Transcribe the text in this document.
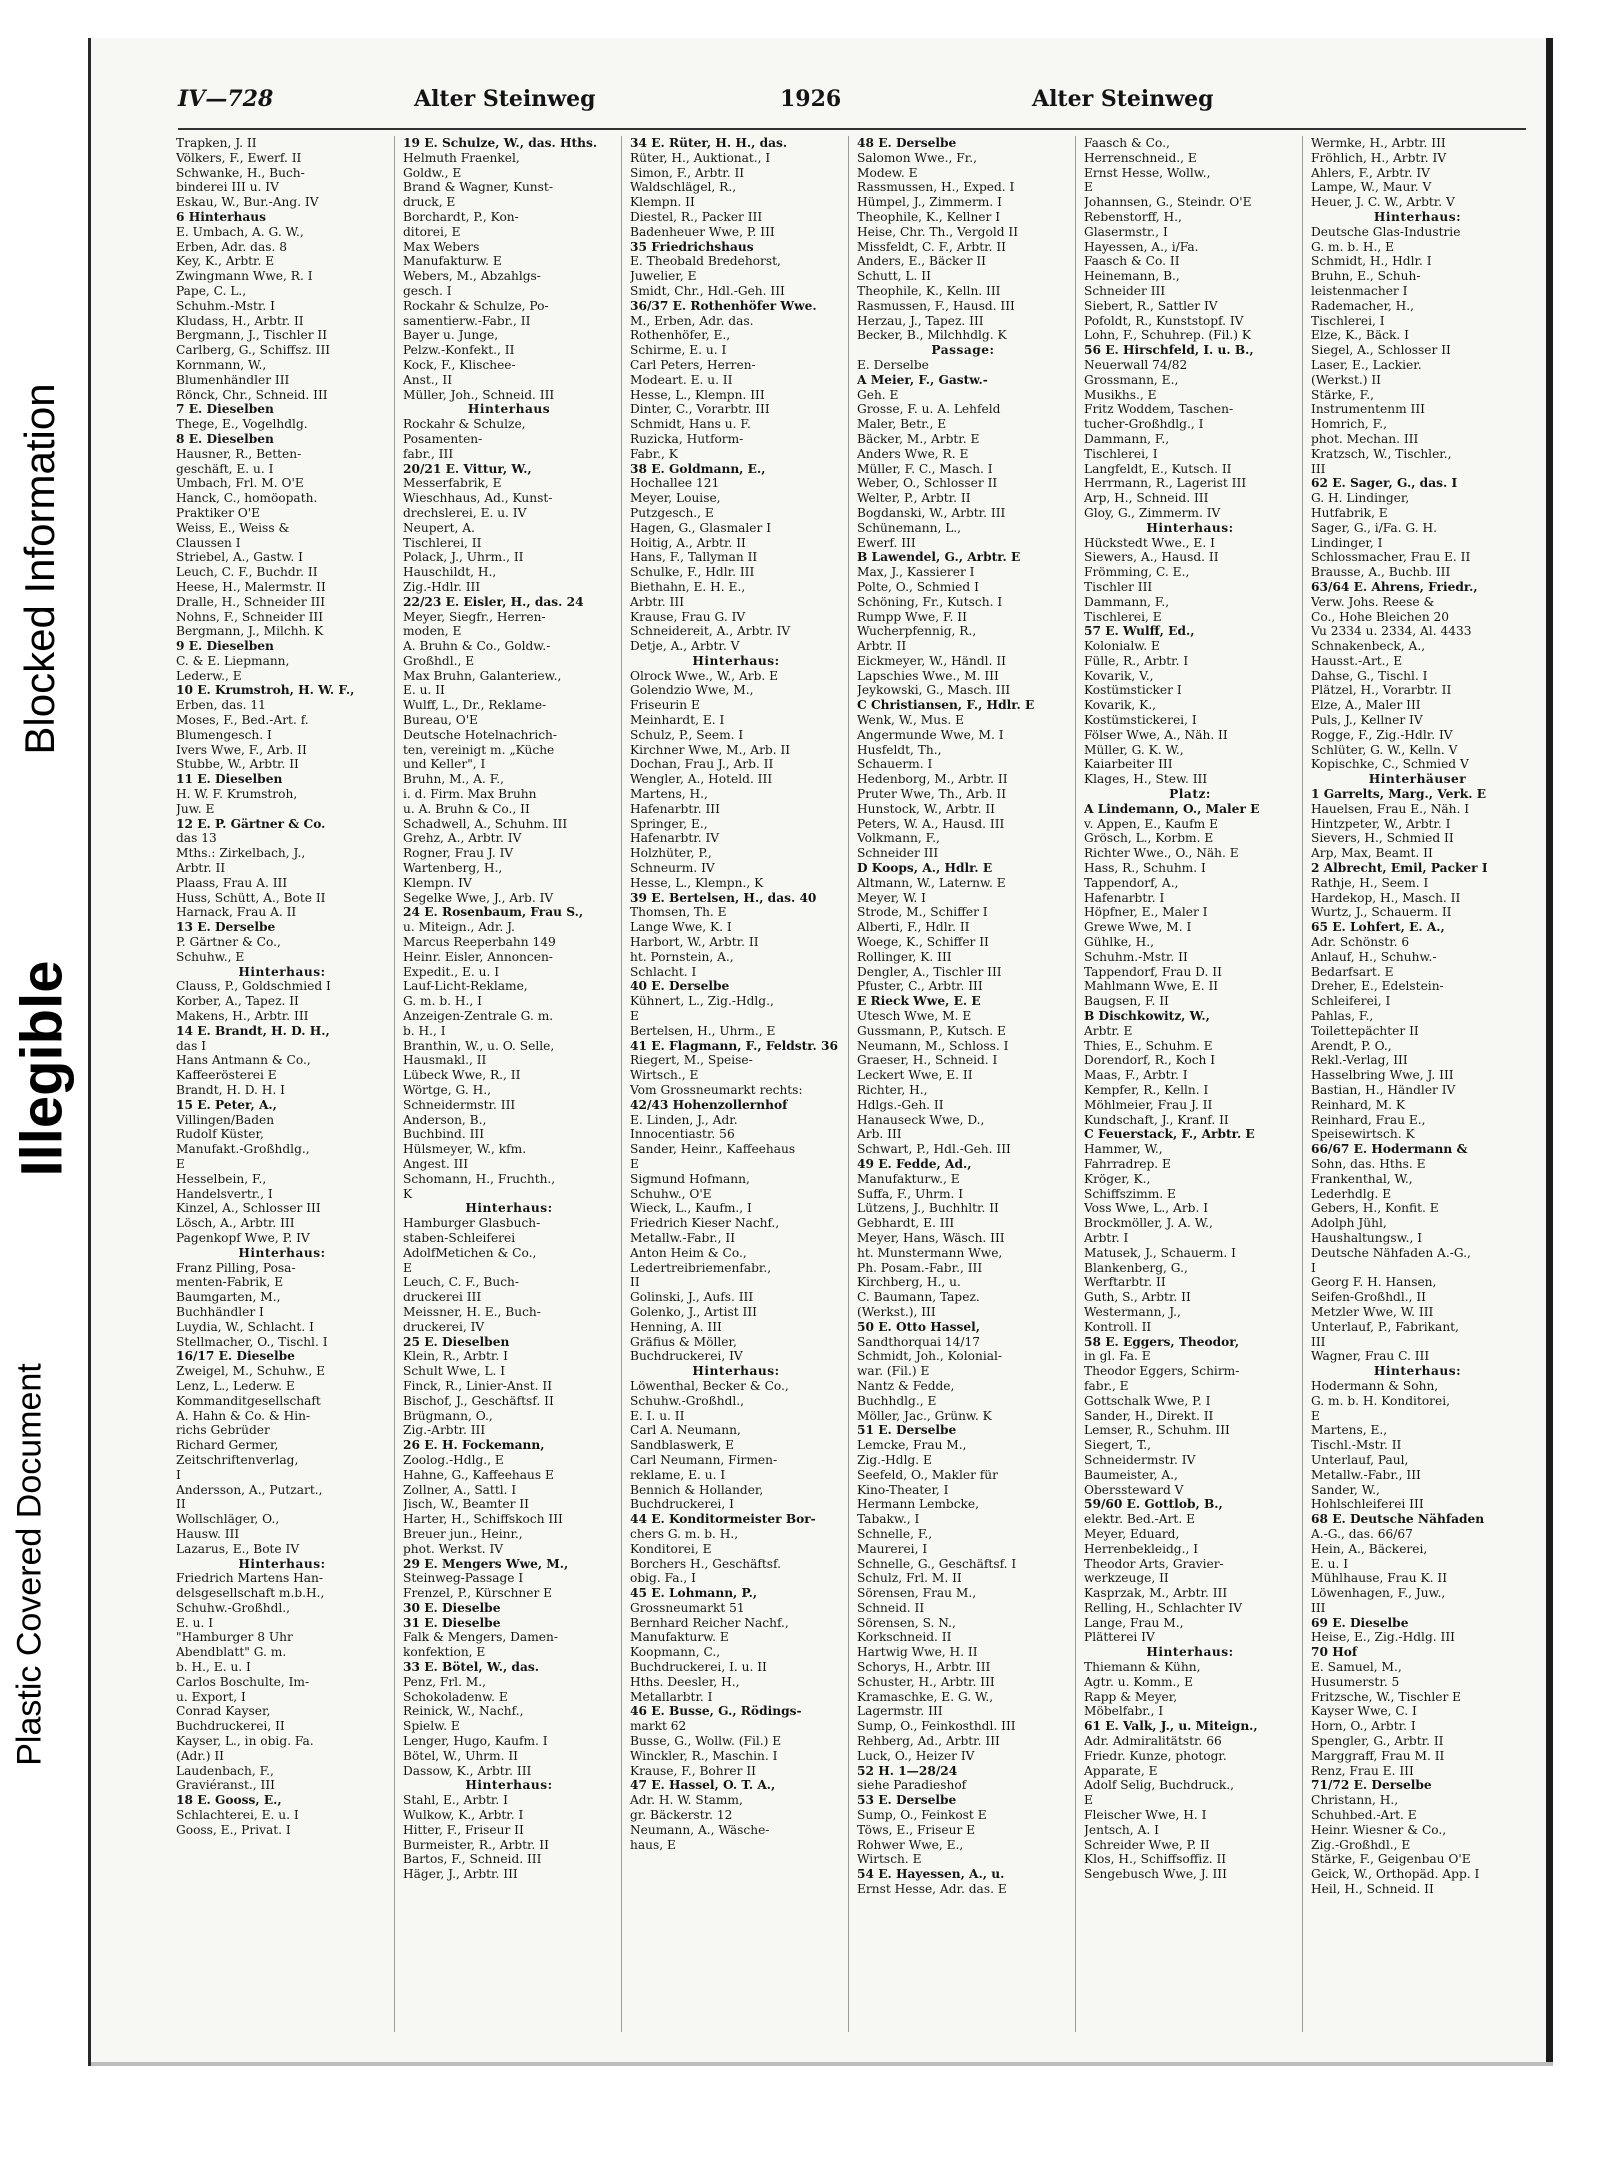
Blocked Information
Illegible
Plastic Covered Document
IV—728	Alter Steinweg	1926	Alter Steinweg
Trapken, J. II
Völkers, F., Ewerf. II
Schwanke, H., Buch-
binderei III u. IV
Eskau, W., Bur.-Ang. IV
6 Hinterhaus
E. Umbach, A. G. W.,
Erben, Adr. das. 8
Key, K., Arbtr. E
Zwingmann Wwe, R. I
Pape, C. L.,
Schuhm.-Mstr. I
Kludass, H., Arbtr. II
Bergmann, J., Tischler II
Carlberg, G., Schiffsz. III
Kornmann, W.,
Blumenhändler III
Rönck, Chr., Schneid. III
7 E. Dieselben
Thege, E., Vogelhdlg.
8 E. Dieselben
Hausner, R., Betten-
geschäft, E. u. I
Umbach, Frl. M. O'E
Hanck, C., homöopath.
Praktiker O'E
Weiss, E., Weiss &
Claussen I
Striebel, A., Gastw. I
Leuch, C. F., Buchdr. II
Heese, H., Malermstr. II
Dralle, H., Schneider III
Nohns, F., Schneider III
Bergmann, J., Milchh. K
9 E. Dieselben
C. & E. Liepmann,
Lederw., E
10 E. Krumstroh, H. W. F.,
Erben, das. 11
Moses, F., Bed.-Art. f.
Blumengesch. I
Ivers Wwe, F., Arb. II
Stubbe, W., Arbtr. II
11 E. Dieselben
H. W. F. Krumstroh,
Juw. E
12 E. P. Gärtner & Co.
das 13
Mths.: Zirkelbach, J.,
Arbtr. II
Plaass, Frau A. III
Huss, Schütt, A., Bote II
Harnack, Frau A. II
13 E. Derselbe
P. Gärtner & Co.,
Schuhw., E
Hinterhaus:
Clauss, P., Goldschmied I
Korber, A., Tapez. II
Makens, H., Arbtr. III
14 E. Brandt, H. D. H.,
das I
Hans Antmann & Co.,
Kaffeerösterei E
Brandt, H. D. H. I
15 E. Peter, A.,
Villingen/Baden
Rudolf Küster,
Manufakt.-Großhdlg.,
E
Hesselbein, F.,
Handelsvertr., I
Kinzel, A., Schlosser III
Lösch, A., Arbtr. III
Pagenkopf Wwe, P. IV
Hinterhaus:
Franz Pilling, Posa-
menten-Fabrik, E
Baumgarten, M.,
Buchhändler I
Luydia, W., Schlacht. I
Stellmacher, O., Tischl. I
16/17 E. Dieselbe
Zweigel, M., Schuhw., E
Lenz, L., Lederw. E
Kommanditgesellschaft
A. Hahn & Co. & Hin-
richs Gebrüder
Richard Germer,
Zeitschriftenverlag,
I
Andersson, A., Putzart.,
II
Wollschläger, O.,
Hausw. III
Lazarus, E., Bote IV
Hinterhaus:
Friedrich Martens Han-
delsgesellschaft m.b.H.,
Schuhw.-Großhdl.,
E. u. I
"Hamburger 8 Uhr
Abendblatt" G. m.
b. H., E. u. I
Carlos Boschulte, Im-
u. Export, I
Conrad Kayser,
Buchdruckerei, II
Kayser, L., in obig. Fa.
(Adr.) II
Laudenbach, F.,
Graviéranst., III
18 E. Gooss, E.,
Schlachterei, E. u. I
Gooss, E., Privat. I
19 E. Schulze, W., das. Hths.
Helmuth Fraenkel,
Goldw., E
Brand & Wagner, Kunst-
druck, E
Borchardt, P., Kon-
ditorei, E
Max Webers
Manufakturw. E
Webers, M., Abzahlgs-
gesch. I
Rockahr & Schulze, Po-
samentierw.-Fabr., II
Bayer u. Junge,
Pelzw.-Konfekt., II
Kock, F., Klischee-
Anst., II
Müller, Joh., Schneid. III
Hinterhaus
Rockahr & Schulze,
Posamenten-
fabr., III
20/21 E. Vittur, W.,
Messerfabrik, E
Wieschhaus, Ad., Kunst-
drechslerei, E. u. IV
Neupert, A.
Tischlerei, II
Polack, J., Uhrm., II
Hauschildt, H.,
Zig.-Hdlr. III
22/23 E. Eisler, H., das. 24
Meyer, Siegfr., Herren-
moden, E
A. Bruhn & Co., Goldw.-
Großhdl., E
Max Bruhn, Galanteriew.,
E. u. II
Wulff, L., Dr., Reklame-
Bureau, O'E
Deutsche Hotelnachrich-
ten, vereinigt m. „Küche
und Keller", I
Bruhn, M., A. F.,
i. d. Firm. Max Bruhn
u. A. Bruhn & Co., II
Schadwell, A., Schuhm. III
Grehz, A., Arbtr. IV
Rogner, Frau J. IV
Wartenberg, H.,
Klempn. IV
Segelke Wwe, J., Arb. IV
24 E. Rosenbaum, Frau S.,
u. Miteign., Adr. J.
Marcus Reeperbahn 149
Heinr. Eisler, Annoncen-
Expedit., E. u. I
Lauf-Licht-Reklame,
G. m. b. H., I
Anzeigen-Zentrale G. m.
b. H., I
Branthin, W., u. O. Selle,
Hausmakl., II
Lübeck Wwe, R., II
Wörtge, G. H.,
Schneidermstr. III
Anderson, B.,
Buchbind. III
Hülsmeyer, W., kfm.
Angest. III
Schomann, H., Fruchth.,
K
Hinterhaus:
Hamburger Glasbuch-
staben-Schleiferei
AdolfMetichen & Co.,
E
Leuch, C. F., Buch-
druckerei III
Meissner, H. E., Buch-
druckerei, IV
25 E. Dieselben
Klein, R., Arbtr. I
Schult Wwe, L. I
Finck, R., Linier-Anst. II
Bischof, J., Geschäftsf. II
Brügmann, O.,
Zig.-Arbtr. III
26 E. H. Fockemann,
Zoolog.-Hdlg., E
Hahne, G., Kaffeehaus E
Zollner, A., Sattl. I
Jisch, W., Beamter II
Harter, H., Schiffskoch III
Breuer jun., Heinr.,
phot. Werkst. IV
29 E. Mengers Wwe, M.,
Steinweg-Passage I
Frenzel, P., Kürschner E
30 E. Dieselbe
31 E. Dieselbe
Falk & Mengers, Damen-
konfektion, E
33 E. Bötel, W., das.
Penz, Frl. M.,
Schokoladenw. E
Reinick, W., Nachf.,
Spielw. E
Lenger, Hugo, Kaufm. I
Bötel, W., Uhrm. II
Dassow, K., Arbtr. III
Hinterhaus:
Stahl, E., Arbtr. I
Wulkow, K., Arbtr. I
Hitter, F., Friseur II
Burmeister, R., Arbtr. II
Bartos, F., Schneid. III
Häger, J., Arbtr. III
34 E. Rüter, H. H., das.
Rüter, H., Auktionat., I
Simon, F., Arbtr. II
Waldschlägel, R.,
Klempn. II
Diestel, R., Packer III
Badenheuer Wwe, P. III
35 Friedrichshaus
E. Theobald Bredehorst,
Juwelier, E
Smidt, Chr., Hdl.-Geh. III
36/37 E. Rothenhöfer Wwe.
M., Erben, Adr. das.
Rothenhöfer, E.,
Schirme, E. u. I
Carl Peters, Herren-
Modeart. E. u. II
Hesse, L., Klempn. III
Dinter, C., Vorarbtr. III
Schmidt, Hans u. F.
Ruzicka, Hutform-
Fabr., K
38 E. Goldmann, E.,
Hochallee 121
Meyer, Louise,
Putzgesch., E
Hagen, G., Glasmaler I
Hoitig, A., Arbtr. II
Hans, F., Tallyman II
Schulke, F., Hdlr. III
Biethahn, E. H. E.,
Arbtr. III
Krause, Frau G. IV
Schneidereit, A., Arbtr. IV
Detje, A., Arbtr. V
Hinterhaus:
Olrock Wwe., W., Arb. E
Golendzio Wwe, M.,
Friseurin E
Meinhardt, E. I
Schulz, P., Seem. I
Kirchner Wwe, M., Arb. II
Dochan, Frau J., Arb. II
Wengler, A., Hoteld. III
Martens, H.,
Hafenarbtr. III
Springer, E.,
Hafenarbtr. IV
Holzhüter, P.,
Schneurm. IV
Hesse, L., Klempn., K
39 E. Bertelsen, H., das. 40
Thomsen, Th. E
Lange Wwe, K. I
Harbort, W., Arbtr. II
ht. Pornstein, A.,
Schlacht. I
40 E. Derselbe
Kühnert, L., Zig.-Hdlg.,
E
Bertelsen, H., Uhrm., E
41 E. Flagmann, F., Feldstr. 36
Riegert, M., Speise-
Wirtsch., E
Vom Grossneumarkt rechts:
42/43 Hohenzollernhof
E. Linden, J., Adr.
Innocentiastr. 56
Sander, Heinr., Kaffeehaus
E
Sigmund Hofmann,
Schuhw., O'E
Wieck, L., Kaufm., I
Friedrich Kieser Nachf.,
Metallw.-Fabr., II
Anton Heim & Co.,
Ledertreibriemenfabr.,
II
Golinski, J., Aufs. III
Golenko, J., Artist III
Henning, A. III
Gräfius & Möller,
Buchdruckerei, IV
Hinterhaus:
Löwenthal, Becker & Co.,
Schuhw.-Großhdl.,
E. I. u. II
Carl A. Neumann,
Sandblaswerk, E
Carl Neumann, Firmen-
reklame, E. u. I
Bennich & Hollander,
Buchdruckerei, I
44 E. Konditormeister Bor-
chers G. m. b. H.,
Konditorei, E
Borchers H., Geschäftsf.
obig. Fa., I
45 E. Lohmann, P.,
Grossneumarkt 51
Bernhard Reicher Nachf.,
Manufakturw. E
Koopmann, C.,
Buchdruckerei, I. u. II
Hths. Deesler, H.,
Metallarbtr. I
46 E. Busse, G., Rödings-
markt 62
Busse, G., Wollw. (Fil.) E
Winckler, R., Maschin. I
Krause, F., Bohrer II
47 E. Hassel, O. T. A.,
Adr. H. W. Stamm,
gr. Bäckerstr. 12
Neumann, A., Wäsche-
haus, E
48 E. Derselbe
Salomon Wwe., Fr.,
Modew. E
Rassmussen, H., Exped. I
Hümpel, J., Zimmerm. I
Theophile, K., Kellner I
Heise, Chr. Th., Vergold II
Missfeldt, C. F., Arbtr. II
Anders, E., Bäcker II
Schutt, L. II
Theophile, K., Kelln. III
Rasmussen, F., Hausd. III
Herzau, J., Tapez. III
Becker, B., Milchhdlg. K
Passage:
E. Derselbe
A Meier, F., Gastw.-
Geh. E
Grosse, F. u. A. Lehfeld
Maler, Betr., E
Bäcker, M., Arbtr. E
Anders Wwe, R. E
Müller, F. C., Masch. I
Weber, O., Schlosser II
Welter, P., Arbtr. II
Bogdanski, W., Arbtr. III
Schünemann, L.,
Ewerf. III
B Lawendel, G., Arbtr. E
Max, J., Kassierer I
Polte, O., Schmied I
Schöning, Fr., Kutsch. I
Rumpp Wwe, F. II
Wucherpfennig, R.,
Arbtr. II
Eickmeyer, W., Händl. II
Lapschies Wwe., M. III
Jeykowski, G., Masch. III
C Christiansen, F., Hdlr. E
Wenk, W., Mus. E
Angermunde Wwe, M. I
Husfeldt, Th.,
Schauerm. I
Hedenborg, M., Arbtr. II
Pruter Wwe, Th., Arb. II
Hunstock, W., Arbtr. II
Peters, W. A., Hausd. III
Volkmann, F.,
Schneider III
D Koops, A., Hdlr. E
Altmann, W., Laternw. E
Meyer, W. I
Strode, M., Schiffer I
Alberti, F., Hdlr. II
Woege, K., Schiffer II
Rollinger, K. III
Dengler, A., Tischler III
Pfuster, C., Arbtr. III
E Rieck Wwe, E. E
Utesch Wwe, M. E
Gussmann, P., Kutsch. E
Neumann, M., Schloss. I
Graeser, H., Schneid. I
Leckert Wwe, E. II
Richter, H.,
Hdlgs.-Geh. II
Hanauseck Wwe, D.,
Arb. III
Schwart, P., Hdl.-Geh. III
49 E. Fedde, Ad.,
Manufakturw., E
Suffa, F., Uhrm. I
Lützens, J., Buchhltr. II
Gebhardt, E. III
Meyer, Hans, Wäsch. III
ht. Munstermann Wwe,
Ph. Posam.-Fabr., III
Kirchberg, H., u.
C. Baumann, Tapez.
(Werkst.), III
50 E. Otto Hassel,
Sandthorquai 14/17
Schmidt, Joh., Kolonial-
war. (Fil.) E
Nantz & Fedde,
Buchhdlg., E
Möller, Jac., Grünw. K
51 E. Derselbe
Lemcke, Frau M.,
Zig.-Hdlg. E
Seefeld, O., Makler für
Kino-Theater, I
Hermann Lembcke,
Tabakw., I
Schnelle, F.,
Maurerei, I
Schnelle, G., Geschäftsf. I
Schulz, Frl. M. II
Sörensen, Frau M.,
Schneid. II
Sörensen, S. N.,
Korkschneid. II
Hartwig Wwe, H. II
Schorys, H., Arbtr. III
Schuster, H., Arbtr. III
Kramaschke, E. G. W.,
Lagermstr. III
Sump, O., Feinkosthdl. III
Rehberg, Ad., Arbtr. III
Luck, O., Heizer IV
52 H. 1—28/24
siehe Paradieshof
53 E. Derselbe
Sump, O., Feinkost E
Töws, E., Friseur E
Rohwer Wwe, E.,
Wirtsch. E
54 E. Hayessen, A., u.
Ernst Hesse, Adr. das. E
Faasch & Co.,
Herrenschneid., E
Ernst Hesse, Wollw.,
E
Johannsen, G., Steindr. O'E
Rebenstorff, H.,
Glasermstr., I
Hayessen, A., i/Fa.
Faasch & Co. II
Heinemann, B.,
Schneider III
Siebert, R., Sattler IV
Pofoldt, R., Kunststopf. IV
Lohn, F., Schuhrep. (Fil.) K
56 E. Hirschfeld, I. u. B.,
Neuerwall 74/82
Grossmann, E.,
Musikhs., E
Fritz Woddem, Taschen-
tucher-Großhdlg., I
Dammann, F.,
Tischlerei, I
Langfeldt, E., Kutsch. II
Herrmann, R., Lagerist III
Arp, H., Schneid. III
Gloy, G., Zimmerm. IV
Hinterhaus:
Hückstedt Wwe., E. I
Siewers, A., Hausd. II
Frömming, C. E.,
Tischler III
Dammann, F.,
Tischlerei, E
57 E. Wulff, Ed.,
Kolonialw. E
Fülle, R., Arbtr. I
Kovarik, V.,
Kostümsticker I
Kovarik, K.,
Kostümstickerei, I
Fölser Wwe, A., Näh. II
Müller, G. K. W.,
Kaiarbeiter III
Klages, H., Stew. III
Platz:
A Lindemann, O., Maler E
v. Appen, E., Kaufm E
Grösch, L., Korbm. E
Richter Wwe., O., Näh. E
Hass, R., Schuhm. I
Tappendorf, A.,
Hafenarbtr. I
Höpfner, E., Maler I
Grewe Wwe, M. I
Gühlke, H.,
Schuhm.-Mstr. II
Tappendorf, Frau D. II
Mahlmann Wwe, E. II
Baugsen, F. II
B Dischkowitz, W.,
Arbtr. E
Thies, E., Schuhm. E
Dorendorf, R., Koch I
Maas, F., Arbtr. I
Kempfer, R., Kelln. I
Möhlmeier, Frau J. II
Kundschaft, J., Kranf. II
C Feuerstack, F., Arbtr. E
Hammer, W.,
Fahrradrep. E
Kröger, K.,
Schiffszimm. E
Voss Wwe, L., Arb. I
Brockmöller, J. A. W.,
Arbtr. I
Matusek, J., Schauerm. I
Blankenberg, G.,
Werftarbtr. II
Guth, S., Arbtr. II
Westermann, J.,
Kontroll. II
58 E. Eggers, Theodor,
in gl. Fa. E
Theodor Eggers, Schirm-
fabr., E
Gottschalk Wwe, P. I
Sander, H., Direkt. II
Lemser, R., Schuhm. III
Siegert, T.,
Schneidermstr. IV
Baumeister, A.,
Oberssteward V
59/60 E. Gottlob, B.,
elektr. Bed.-Art. E
Meyer, Eduard,
Herrenbekleidg., I
Theodor Arts, Gravier-
werkzeuge, II
Kasprzak, M., Arbtr. III
Relling, H., Schlachter IV
Lange, Frau M.,
Plätterei IV
Hinterhaus:
Thiemann & Kühn,
Agtr. u. Komm., E
Rapp & Meyer,
Möbelfabr., I
61 E. Valk, J., u. Miteign.,
Adr. Admiralitätstr. 66
Friedr. Kunze, photogr.
Apparate, E
Adolf Selig, Buchdruck.,
E
Fleischer Wwe, H. I
Jentsch, A. I
Schreider Wwe, P. II
Klos, H., Schiffsoffiz. II
Sengebusch Wwe, J. III
Wermke, H., Arbtr. III
Fröhlich, H., Arbtr. IV
Ahlers, F., Arbtr. IV
Lampe, W., Maur. V
Heuer, J. C. W., Arbtr. V
Hinterhaus:
Deutsche Glas-Industrie
G. m. b. H., E
Schmidt, H., Hdlr. I
Bruhn, E., Schuh-
leistenmacher I
Rademacher, H.,
Tischlerei, I
Elze, K., Bäck. I
Siegel, A., Schlosser II
Laser, E., Lackier.
(Werkst.) II
Stärke, F.,
Instrumentenm III
Homrich, F.,
phot. Mechan. III
Kratzsch, W., Tischler.,
III
62 E. Sager, G., das. I
G. H. Lindinger,
Hutfabrik, E
Sager, G., i/Fa. G. H.
Lindinger, I
Schlossmacher, Frau E. II
Brausse, A., Buchb. III
63/64 E. Ahrens, Friedr.,
Verw. Johs. Reese &
Co., Hohe Bleichen 20
Vu 2334 u. 2334, Al. 4433
Schnakenbeck, A.,
Hausst.-Art., E
Dahse, G., Tischl. I
Plätzel, H., Vorarbtr. II
Elze, A., Maler III
Puls, J., Kellner IV
Rogge, F., Zig.-Hdlr. IV
Schlüter, G. W., Kelln. V
Kopischke, C., Schmied V
Hinterhäuser
1 Garrelts, Marg., Verk. E
Hauelsen, Frau E., Näh. I
Hintzpeter, W., Arbtr. I
Sievers, H., Schmied II
Arp, Max, Beamt. II
2 Albrecht, Emil, Packer I
Rathje, H., Seem. I
Hardekop, H., Masch. II
Wurtz, J., Schauerm. II
65 E. Lohfert, E. A.,
Adr. Schönstr. 6
Anlauf, H., Schuhw.-
Bedarfsart. E
Dreher, E., Edelstein-
Schleiferei, I
Pahlas, F.,
Toilettepächter II
Arendt, P. O.,
Rekl.-Verlag, III
Hasselbring Wwe, J. III
Bastian, H., Händler IV
Reinhard, M. K
Reinhard, Frau E.,
Speisewirtsch. K
66/67 E. Hodermann &
Sohn, das. Hths. E
Frankenthal, W.,
Lederhdlg. E
Gebers, H., Konfit. E
Adolph Jühl,
Haushaltungsw., I
Deutsche Nähfaden A.-G.,
I
Georg F. H. Hansen,
Seifen-Großhdl., II
Metzler Wwe, W. III
Unterlauf, P., Fabrikant,
III
Wagner, Frau C. III
Hinterhaus:
Hodermann & Sohn,
G. m. b. H. Konditorei,
E
Martens, E.,
Tischl.-Mstr. II
Unterlauf, Paul,
Metallw.-Fabr., III
Sander, W.,
Hohlschleiferei III
68 E. Deutsche Nähfaden
A.-G., das. 66/67
Hein, A., Bäckerei,
E. u. I
Mühlhause, Frau K. II
Löwenhagen, F., Juw.,
III
69 E. Dieselbe
Heise, E., Zig.-Hdlg. III
70 Hof
E. Samuel, M.,
Husumerstr. 5
Fritzsche, W., Tischler E
Kayser Wwe, C. I
Horn, O., Arbtr. I
Spengler, G., Arbtr. II
Marggraff, Frau M. II
Renz, Frau E. III
71/72 E. Derselbe
Christann, H.,
Schuhbed.-Art. E
Heinr. Wiesner & Co.,
Zig.-Großhdl., E
Stärke, F., Geigenbau O'E
Geick, W., Orthopäd. App. I
Heil, H., Schneid. II
